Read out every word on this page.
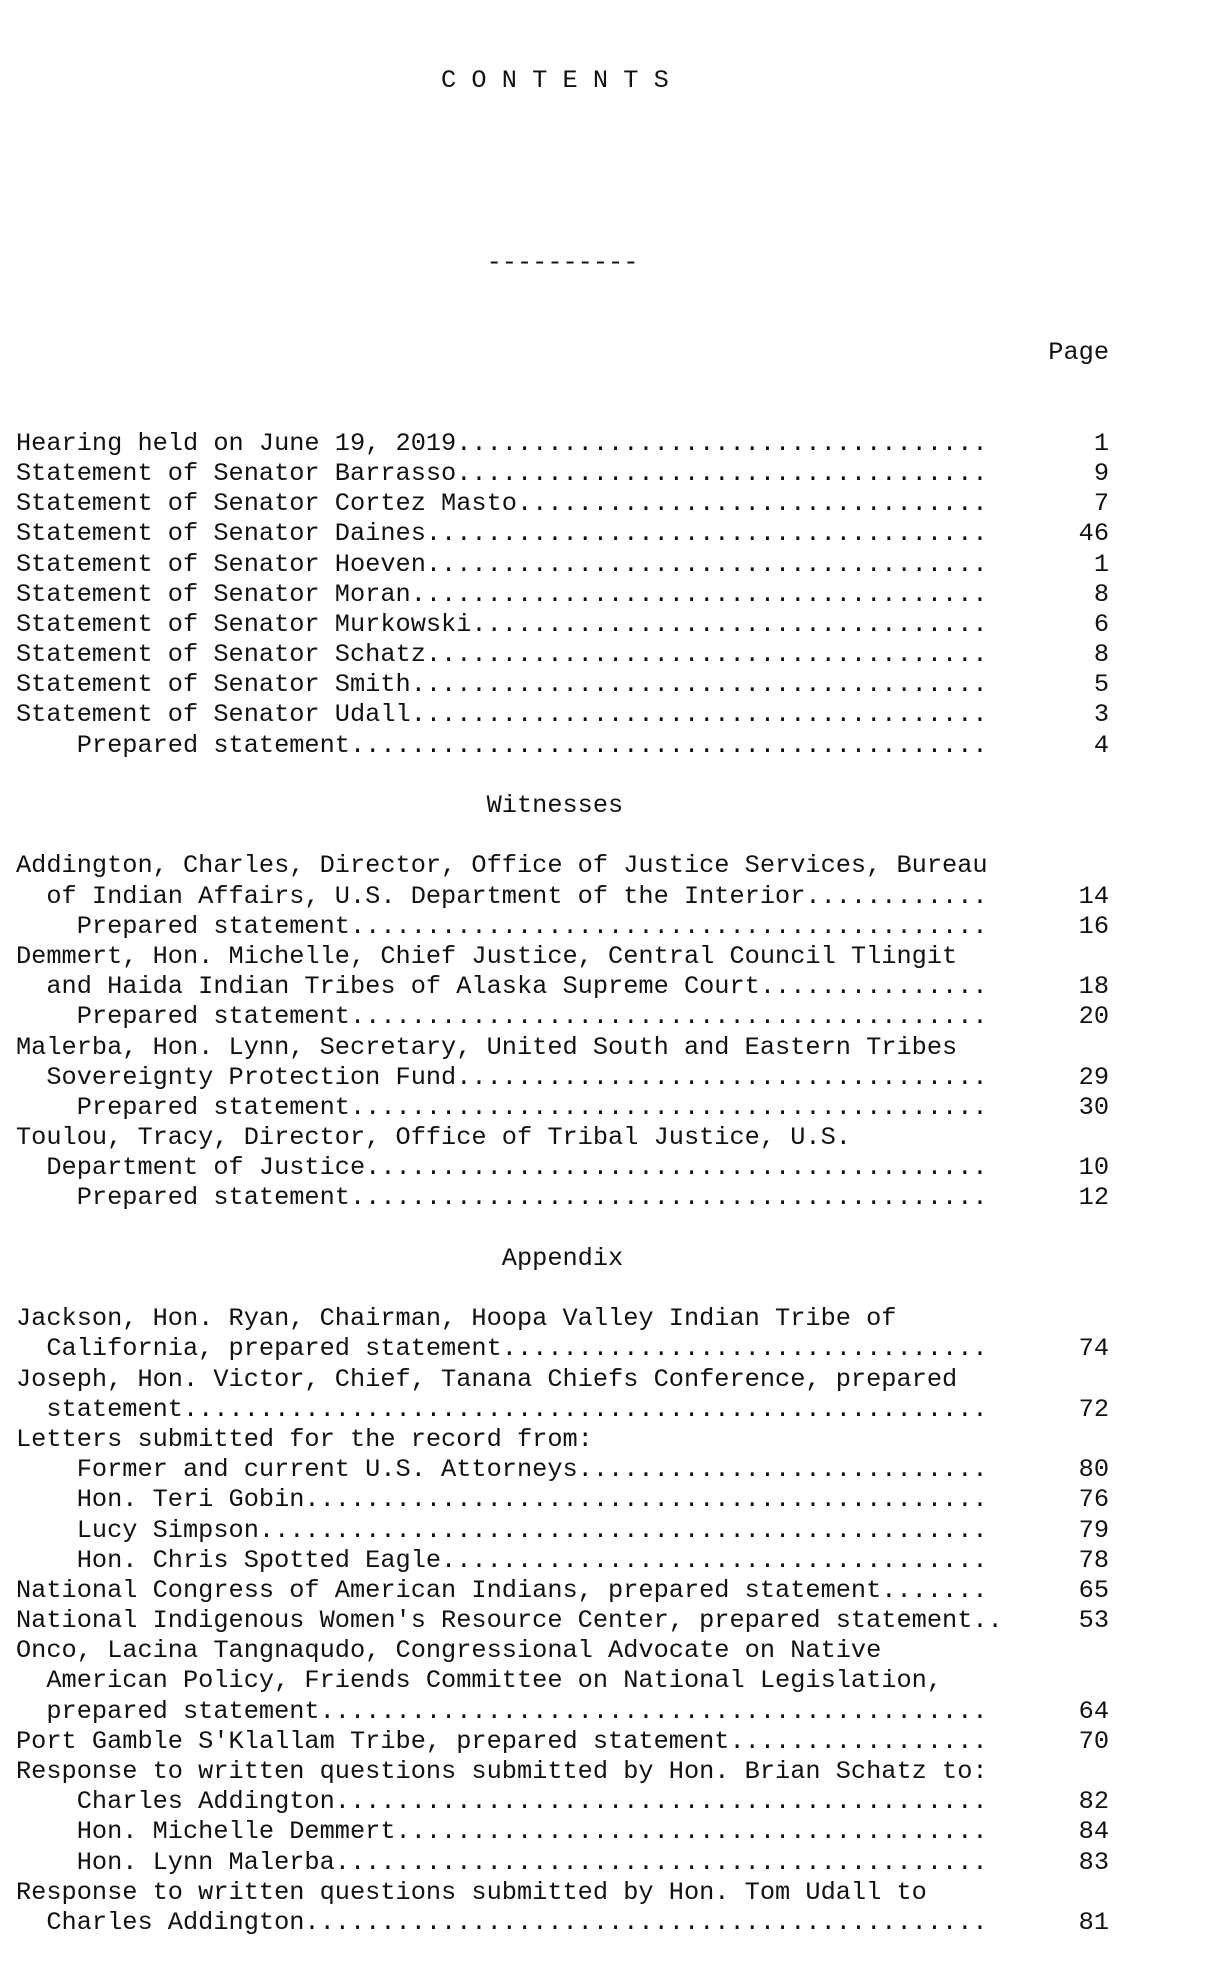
C O N T E N T S

----------

Page

Hearing held on June 19, 2019...................................       1
Statement of Senator Barrasso...................................       9
Statement of Senator Cortez Masto...............................       7
Statement of Senator Daines.....................................      46
Statement of Senator Hoeven.....................................       1
Statement of Senator Moran......................................       8
Statement of Senator Murkowski..................................       6
Statement of Senator Schatz.....................................       8
Statement of Senator Smith......................................       5
Statement of Senator Udall......................................       3
Prepared statement..........................................       4

Witnesses

Addington, Charles, Director, Office of Justice Services, Bureau
of Indian Affairs, U.S. Department of the Interior............      14
Prepared statement..........................................      16
Demmert, Hon. Michelle, Chief Justice, Central Council Tlingit
and Haida Indian Tribes of Alaska Supreme Court...............      18
Prepared statement..........................................      20
Malerba, Hon. Lynn, Secretary, United South and Eastern Tribes
Sovereignty Protection Fund...................................      29
Prepared statement..........................................      30
Toulou, Tracy, Director, Office of Tribal Justice, U.S.
Department of Justice.........................................      10
Prepared statement..........................................      12

Appendix

Jackson, Hon. Ryan, Chairman, Hoopa Valley Indian Tribe of
California, prepared statement................................      74
Joseph, Hon. Victor, Chief, Tanana Chiefs Conference, prepared
statement.....................................................      72
Letters submitted for the record from:
Former and current U.S. Attorneys...........................      80
Hon. Teri Gobin.............................................      76
Lucy Simpson................................................      79
Hon. Chris Spotted Eagle....................................      78
National Congress of American Indians, prepared statement.......      65
National Indigenous Women's Resource Center, prepared statement..     53
Onco, Lacina Tangnaqudo, Congressional Advocate on Native
American Policy, Friends Committee on National Legislation,
prepared statement............................................      64
Port Gamble S'Klallam Tribe, prepared statement.................      70
Response to written questions submitted by Hon. Brian Schatz to:
Charles Addington...........................................      82
Hon. Michelle Demmert.......................................      84
Hon. Lynn Malerba...........................................      83
Response to written questions submitted by Hon. Tom Udall to
Charles Addington.............................................      81
